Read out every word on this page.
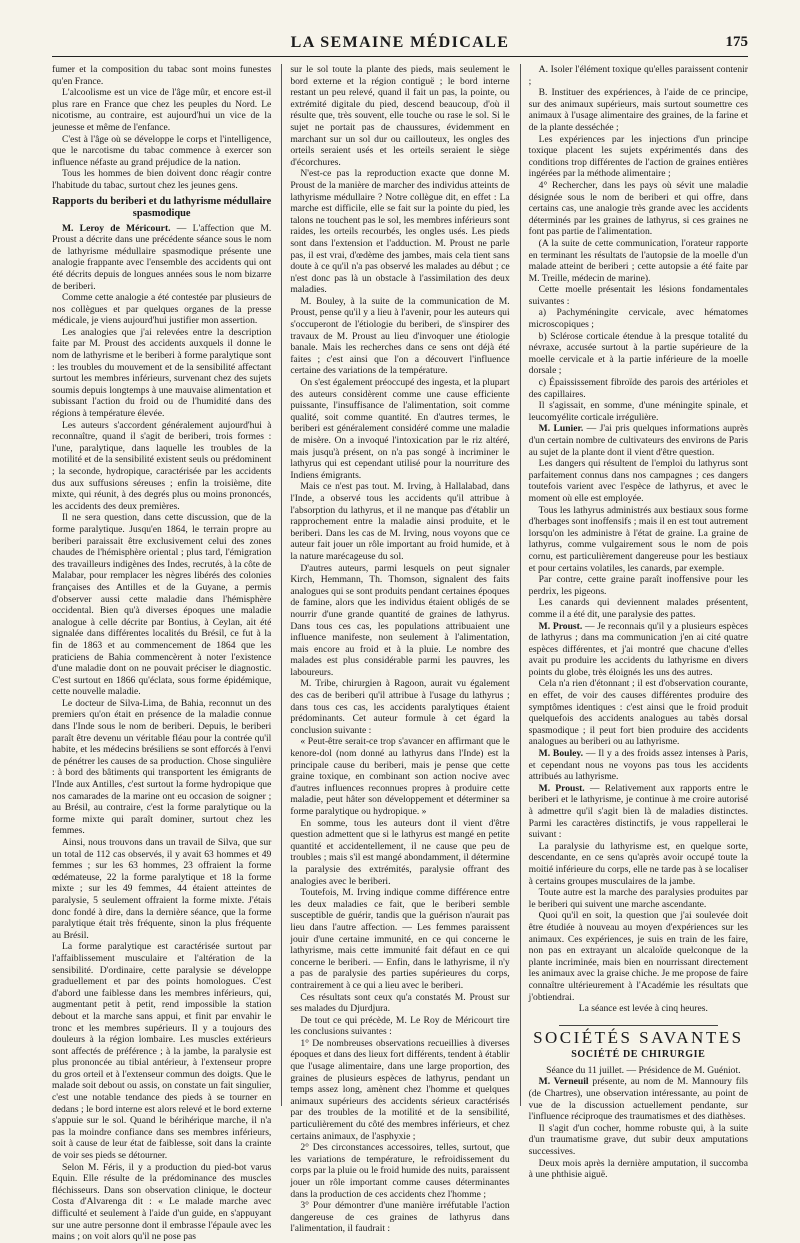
LA SEMAINE MÉDICALE	175

fumer et la composition du tabac sont moins funestes qu'en France.

L'alcoolisme est un vice de l'âge mûr, et encore est-il plus rare en France que chez les peuples du Nord. Le nicotisme, au contraire, est aujourd'hui un vice de la jeunesse et même de l'enfance.

C'est à l'âge où se développe le corps et l'intelligence, que le narcotisme du tabac commence à exercer son influence néfaste au grand préjudice de la nation.

Tous les hommes de bien doivent donc réagir contre l'habitude du tabac, surtout chez les jeunes gens.

Rapports du beriberi et du lathyrisme médullaire spasmodique

M. Leroy de Méricourt. — L'affection que M. Proust a décrite dans une précédente séance sous le nom de lathyrisme médullaire spasmodique présente une analogie frappante avec l'ensemble des accidents qui ont été décrits depuis de longues années sous le nom bizarre de beriberi.

Comme cette analogie a été contestée par plusieurs de nos collègues et par quelques organes de la presse médicale, je viens aujourd'hui justifier mon assertion.

Les analogies que j'ai relevées entre la description faite par M. Proust des accidents auxquels il donne le nom de lathyrisme et le beriberi à forme paralytique sont : les troubles du mouvement et de la sensibilité affectant surtout les membres inférieurs, survenant chez des sujets soumis depuis longtemps à une mauvaise alimentation et subissant l'action du froid ou de l'humidité dans des régions à température élevée.

Les auteurs s'accordent généralement aujourd'hui à reconnaître, quand il s'agit de beriberi, trois formes : l'une, paralytique, dans laquelle les troubles de la motilité et de la sensibilité existent seuls ou prédominent ; la seconde, hydropique, caractérisée par les accidents dus aux suffusions séreuses ; enfin la troisième, dite mixte, qui réunit, à des degrés plus ou moins prononcés, les accidents des deux premières.

Il ne sera question, dans cette discussion, que de la forme paralytique. Jusqu'en 1864, le terrain propre au beriberi paraissait être exclusivement celui des zones chaudes de l'hémisphère oriental ; plus tard, l'émigration des travailleurs indigènes des Indes, recrutés, à la côte de Malabar, pour remplacer les nègres libérés des colonies françaises des Antilles et de la Guyane, a permis d'observer aussi cette maladie dans l'hémisphère occidental. Bien qu'à diverses époques une maladie analogue à celle décrite par Bontius, à Ceylan, ait été signalée dans différentes localités du Brésil, ce fut à la fin de 1863 et au commencement de 1864 que les praticiens de Bahia commencèrent à noter l'existence d'une maladie dont on ne pouvait préciser le diagnostic. C'est surtout en 1866 qu'éclata, sous forme épidémique, cette nouvelle maladie.

Le docteur de Silva-Lima, de Bahia, reconnut un des premiers qu'on était en présence de la maladie connue dans l'Inde sous le nom de beriberi. Depuis, le beriberi paraît être devenu un véritable fléau pour la contrée qu'il habite, et les médecins brésiliens se sont efforcés à l'envi de pénétrer les causes de sa production. Chose singulière : à bord des bâtiments qui transportent les émigrants de l'Inde aux Antilles, c'est surtout la forme hydropique que nos camarades de la marine ont eu occasion de soigner ; au Brésil, au contraire, c'est la forme paralytique ou la forme mixte qui paraît dominer, surtout chez les femmes.

Ainsi, nous trouvons dans un travail de Silva, que sur un total de 112 cas observés, il y avait 63 hommes et 49 femmes ; sur les 63 hommes, 23 offraient la forme œdémateuse, 22 la forme paralytique et 18 la forme mixte ; sur les 49 femmes, 44 étaient atteintes de paralysie, 5 seulement offraient la forme mixte. J'étais donc fondé à dire, dans la dernière séance, que la forme paralytique était très fréquente, sinon la plus fréquente au Brésil.

La forme paralytique est caractérisée surtout par l'affaiblissement musculaire et l'altération de la sensibilité. D'ordinaire, cette paralysie se développe graduellement et par des points homologues. C'est d'abord une faiblesse dans les membres inférieurs, qui, augmentant petit à petit, rend impossible la station debout et la marche sans appui, et finit par envahir le tronc et les membres supérieurs. Il y a toujours des douleurs à la région lombaire. Les muscles extérieurs sont affectés de préférence ; à la jambe, la paralysie est plus prononcée au tibial antérieur, à l'extenseur propre du gros orteil et à l'extenseur commun des doigts. Que le malade soit debout ou assis, on constate un fait singulier, c'est une notable tendance des pieds à se tourner en dedans ; le bord interne est alors relevé et le bord externe s'appuie sur le sol. Quand le bérihérique marche, il n'a pas la moindre confiance dans ses membres inférieurs, soit à cause de leur état de faiblesse, soit dans la crainte de voir ses pieds se détourner.

Selon M. Féris, il y a production du pied-bot varus Equin. Elle résulte de la prédominance des muscles fléchisseurs. Dans son observation clinique, le docteur Costa d'Alvarenga dit : « Le malade marche avec difficulté et seulement à l'aide d'un guide, en s'appuyant sur une autre personne dont il embrasse l'épaule avec les mains ; on voit alors qu'il ne pose pas

sur le sol toute la plante des pieds, mais seulement le bord externe et la région contiguë ; le bord interne restant un peu relevé, quand il fait un pas, la pointe, ou extrémité digitale du pied, descend beaucoup, d'où il résulte que, très souvent, elle touche ou rase le sol. Si le sujet ne portait pas de chaussures, évidemment en marchant sur un sol dur ou caillouteux, les ongles des orteils seraient usés et les orteils seraient le siège d'écorchures.

N'est-ce pas la reproduction exacte que donne M. Proust de la manière de marcher des individus atteints de lathyrisme médullaire ? Notre collègue dit, en effet : La marche est difficile, elle se fait sur la pointe du pied, les talons ne touchent pas le sol, les membres inférieurs sont raides, les orteils recourbés, les ongles usés. Les pieds sont dans l'extension et l'adduction. M. Proust ne parle pas, il est vrai, d'œdème des jambes, mais cela tient sans doute à ce qu'il n'a pas observé les malades au début ; ce n'est donc pas là un obstacle à l'assimilation des deux maladies.

M. Bouley, à la suite de la communication de M. Proust, pense qu'il y a lieu à l'avenir, pour les auteurs qui s'occuperont de l'étiologie du beriberi, de s'inspirer des travaux de M. Proust au lieu d'invoquer une étiologie banale. Mais les recherches dans ce sens ont déjà été faites ; c'est ainsi que l'on a découvert l'influence certaine des variations de la température.

On s'est également préoccupé des ingesta, et la plupart des auteurs considèrent comme une cause efficiente puissante, l'insuffisance de l'alimentation, soit comme qualité, soit comme quantité. En d'autres termes, le beriberi est généralement considéré comme une maladie de misère. On a invoqué l'intoxication par le riz altéré, mais jusqu'à présent, on n'a pas songé à incriminer le lathyrus qui est cependant utilisé pour la nourriture des Indiens émigrants.

Mais ce n'est pas tout. M. Irving, à Hallalabad, dans l'Inde, a observé tous les accidents qu'il attribue à l'absorption du lathyrus, et il ne manque pas d'établir un rapprochement entre la maladie ainsi produite, et le beriberi. Dans les cas de M. Irving, nous voyons que ce auteur fait jouer un rôle important au froid humide, et à la nature marécageuse du sol.

D'autres auteurs, parmi lesquels on peut signaler Kirch, Hemmann, Th. Thomson, signalent des faits analogues qui se sont produits pendant certaines époques de famine, alors que les individus étaient obligés de se nourrir d'une grande quantité de graines de lathyrus. Dans tous ces cas, les populations attribuaient une influence manifeste, non seulement à l'alimentation, mais encore au froid et à la pluie. Le nombre des malades est plus considérable parmi les pauvres, les laboureurs.

M. Tribe, chirurgien à Ragoon, aurait vu également des cas de beriberi qu'il attribue à l'usage du lathyrus ; dans tous ces cas, les accidents paralytiques étaient prédominants. Cet auteur formule à cet égard la conclusion suivante :

« Peut-être serait-ce trop s'avancer en affirmant que le kenore-dol (nom donné au lathyrus dans l'Inde) est la principale cause du beriberi, mais je pense que cette graine toxique, en combinant son action nocive avec d'autres influences reconnues propres à produire cette maladie, peut hâter son développement et déterminer sa forme paralytique ou hydropique. »

En somme, tous les auteurs dont il vient d'être question admettent que si le lathyrus est mangé en petite quantité et accidentellement, il ne cause que peu de troubles ; mais s'il est mangé abondamment, il détermine la paralysie des extrémités, paralysie offrant des analogies avec le beriberi.

Toutefois, M. Irving indique comme différence entre les deux maladies ce fait, que le beriberi semble susceptible de guérir, tandis que la guérison n'aurait pas lieu dans l'autre affection. — Les femmes paraissent jouir d'une certaine immunité, en ce qui concerne le lathyrisme, mais cette immunité fait défaut en ce qui concerne le beriberi. — Enfin, dans le lathyrisme, il n'y a pas de paralysie des parties supérieures du corps, contrairement à ce qui a lieu avec le beriberi.

Ces résultats sont ceux qu'a constatés M. Proust sur ses malades du Djurdjura.

De tout ce qui précède, M. Le Roy de Méricourt tire les conclusions suivantes :

1° De nombreuses observations recueillies à diverses époques et dans des lieux fort différents, tendent à établir que l'usage alimentaire, dans une large proportion, des graines de plusieurs espèces de lathyrus, pendant un temps assez long, amènent chez l'homme et quelques animaux supérieurs des accidents sérieux caractérisés par des troubles de la motilité et de la sensibilité, particulièrement du côté des membres inférieurs, et chez certains animaux, de l'asphyxie ;

2° Des circonstances accessoires, telles, surtout, que les variations de température, le refroidissement du corps par la pluie ou le froid humide des nuits, paraissent jouer un rôle important comme causes déterminantes dans la production de ces accidents chez l'homme ;

3° Pour démontrer d'une manière irréfutable l'action dangereuse de ces graines de lathyrus dans l'alimentation, il faudrait :

A. Isoler l'élément toxique qu'elles paraissent contenir ;

B. Instituer des expériences, à l'aide de ce principe, sur des animaux supérieurs, mais surtout soumettre ces animaux à l'usage alimentaire des graines, de la farine et de la plante desséchée ;

Les expériences par les injections d'un principe toxique placent les sujets expérimentés dans des conditions trop différentes de l'action de graines entières ingérées par la méthode alimentaire ;

4° Rechercher, dans les pays où sévit une maladie désignée sous le nom de beriberi et qui offre, dans certains cas, une analogie très grande avec les accidents déterminés par les graines de lathyrus, si ces graines ne font pas partie de l'alimentation.

(A la suite de cette communication, l'orateur rapporte en terminant les résultats de l'autopsie de la moelle d'un malade atteint de beriberi ; cette autopsie a été faite par M. Treille, médecin de marine).

Cette moelle présentait les lésions fondamentales suivantes :

a) Pachyméningite cervicale, avec hématomes microscopiques ;

b) Sclérose corticale étendue à la presque totalité du névraxe, accusée surtout à la partie supérieure de la moelle cervicale et à la partie inférieure de la moelle dorsale ;

c) Épaississement fibroïde des parois des artérioles et des capillaires.

Il s'agissait, en somme, d'une méningite spinale, et leucomyélite corticale irrégulière.

M. Lunier. — J'ai pris quelques informations auprès d'un certain nombre de cultivateurs des environs de Paris au sujet de la plante dont il vient d'être question.

Les dangers qui résultent de l'emploi du lathyrus sont parfaitement connus dans nos campagnes ; ces dangers toutefois varient avec l'espèce de lathyrus, et avec le moment où elle est employée.

Tous les lathyrus administrés aux bestiaux sous forme d'herbages sont inoffensifs ; mais il en est tout autrement lorsqu'on les administre à l'état de graine. La graine de lathyrus, comme vulgairement sous le nom de pois cornu, est particulièrement dangereuse pour les bestiaux et pour certains volatiles, les canards, par exemple.

Par contre, cette graine paraît inoffensive pour les perdrix, les pigeons.

Les canards qui deviennent malades présentent, comme il a été dit, une paralysie des pattes.

M. Proust. — Je reconnais qu'il y a plusieurs espèces de lathyrus ; dans ma communication j'en ai cité quatre espèces différentes, et j'ai montré que chacune d'elles avait pu produire les accidents du lathyrisme en divers points du globe, très éloignés les uns des autres.

Cela n'a rien d'étonnant ; il est d'observation courante, en effet, de voir des causes différentes produire des symptômes identiques : c'est ainsi que le froid produit quelquefois des accidents analogues au tabès dorsal spasmodique ; il peut fort bien produire des accidents analogues au beriberi ou au lathyrisme.

M. Bouley. — Il y a des froids assez intenses à Paris, et cependant nous ne voyons pas tous les accidents attribués au lathyrisme.

M. Proust. — Relativement aux rapports entre le beriberi et le lathyrisme, je continue à me croire autorisé à admettre qu'il s'agit bien là de maladies distinctes. Parmi les caractères distinctifs, je vous rappellerai le suivant :

La paralysie du lathyrisme est, en quelque sorte, descendante, en ce sens qu'après avoir occupé toute la moitié inférieure du corps, elle ne tarde pas à se localiser à certains groupes musculaires de la jambe.

Toute autre est la marche des paralysies produites par le beriberi qui suivent une marche ascendante.

Quoi qu'il en soit, la question que j'ai soulevée doit être étudiée à nouveau au moyen d'expériences sur les animaux. Ces expériences, je suis en train de les faire, non pas en extrayant un alcaloïde quelconque de la plante incriminée, mais bien en nourrissant directement les animaux avec la graise chiche. Je me propose de faire connaître ultérieurement à l'Académie les résultats que j'obtiendrai.

La séance est levée à cinq heures.

SOCIÉTÉS SAVANTES
SOCIÉTÉ DE CHIRURGIE

Séance du 11 juillet. — Présidence de M. Guéniot.

M. Verneuil présente, au nom de M. Mannoury fils (de Chartres), une observation intéressante, au point de vue de la discussion actuellement pendante, sur l'influence réciproque des traumatismes et des diathèses.

Il s'agit d'un cocher, homme robuste qui, à la suite d'un traumatisme grave, dut subir deux amputations successives.

Deux mois après la dernière amputation, il succomba à une phthisie aiguë.
